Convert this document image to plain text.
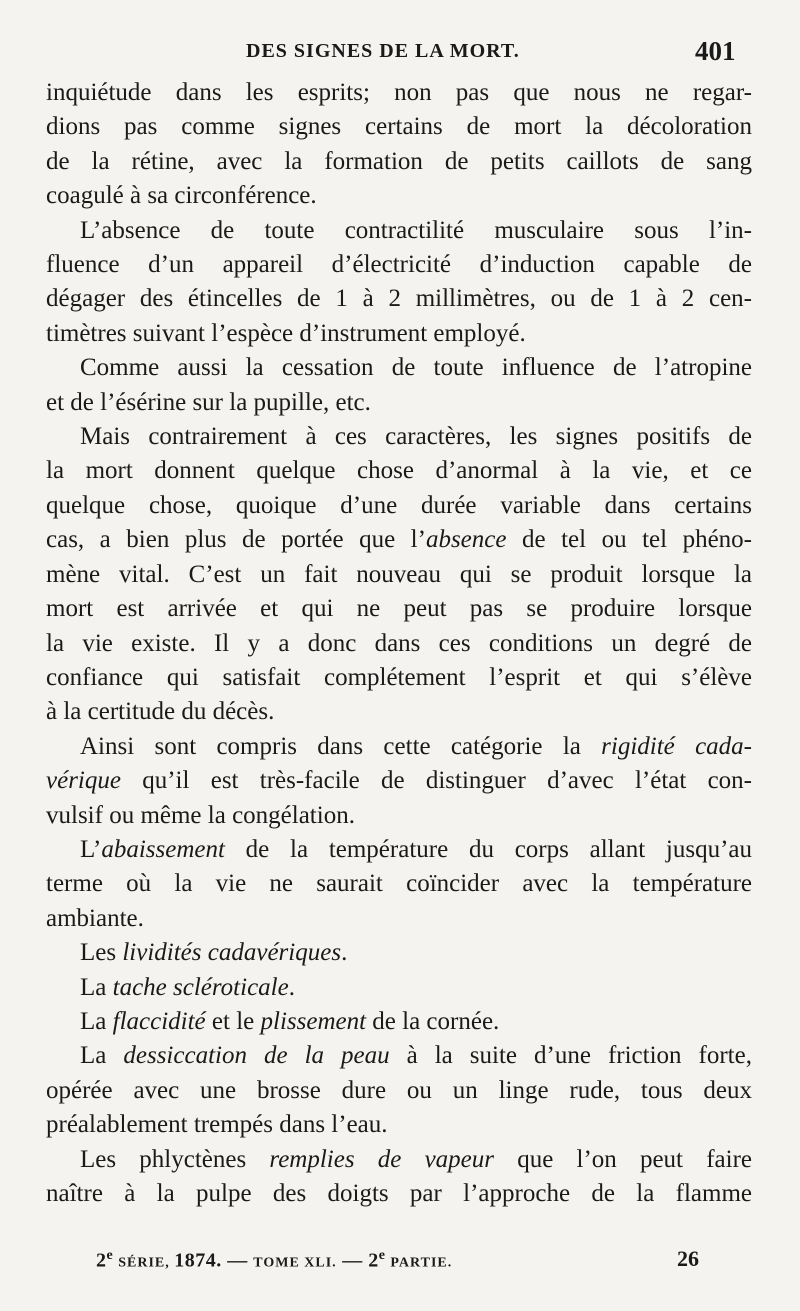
DES SIGNES DE LA MORT.	401

inquiétude dans les esprits; non pas que nous ne regar-
dions pas comme signes certains de mort la décoloration
de la rétine, avec la formation de petits caillots de sang
coagulé à sa circonférence.

L’absence de toute contractilité musculaire sous l’in-
fluence d’un appareil d’électricité d’induction capable de
dégager des étincelles de 1 à 2 millimètres, ou de 1 à 2 cen-
timètres suivant l’espèce d’instrument employé.

Comme aussi la cessation de toute influence de l’atropine
et de l’ésérine sur la pupille, etc.

Mais contrairement à ces caractères, les signes positifs de
la mort donnent quelque chose d’anormal à la vie, et ce
quelque chose, quoique d’une durée variable dans certains
cas, a bien plus de portée que l’absence de tel ou tel phéno-
mène vital. C’est un fait nouveau qui se produit lorsque la
mort est arrivée et qui ne peut pas se produire lorsque
la vie existe. Il y a donc dans ces conditions un degré de
confiance qui satisfait complétement l’esprit et qui s’élève
à la certitude du décès.

Ainsi sont compris dans cette catégorie la rigidité cada-
vérique qu’il est très-facile de distinguer d’avec l’état con-
vulsif ou même la congélation.

L’abaissement de la température du corps allant jusqu’au
terme où la vie ne saurait coïncider avec la température
ambiante.

Les lividités cadavériques.

La tache scléroticale.

La flaccidité et le plissement de la cornée.

La dessiccation de la peau à la suite d’une friction forte,
opérée avec une brosse dure ou un linge rude, tous deux
préalablement trempés dans l’eau.

Les phlyctènes remplies de vapeur que l’on peut faire
naître à la pulpe des doigts par l’approche de la flamme

2e SÉRIE, 1874. — TOME XLI. — 2e PARTIE.	26
